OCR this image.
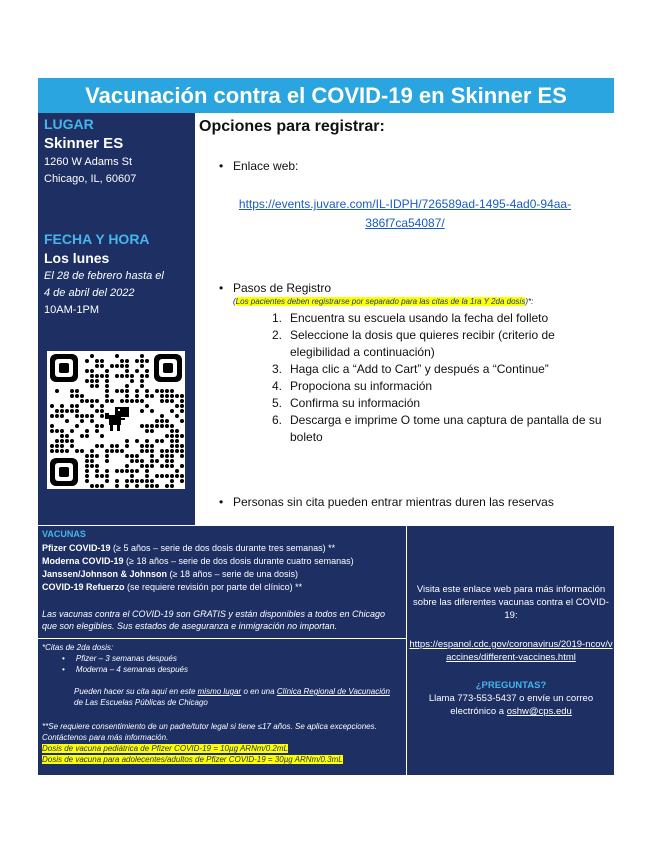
Vacunación contra el COVID-19 en Skinner ES
LUGAR
Skinner ES
1260 W Adams St
Chicago, IL, 60607
FECHA Y HORA
Los lunes
El 28 de febrero hasta el
4 de abril del 2022
10AM-1PM
Opciones para registrar:
• Enlace web:
https://events.juvare.com/IL-IDPH/726589ad-1495-4ad0-94aa-
386f7ca54087/
• Pasos de Registro
(Los pacientes deben registrarse por separado para las citas de la 1ra Y 2da dosis)*:
1. Encuentra su escuela usando la fecha del folleto
2. Seleccione la dosis que quieres recibir (criterio de elegibilidad a continuación)
3. Haga clic a “Add to Cart” y después a “Continue”
4. Propociona su información
5. Confirma su información
6. Descarga e imprime O tome una captura de pantalla de su boleto
• Personas sin cita pueden entrar mientras duren las reservas
VACUNAS
Pfizer COVID-19 (≥ 5 años – serie de dos dosis durante tres semanas) **
Moderna COVID-19 (≥ 18 años – serie de dos dosis durante cuatro semanas)
Janssen/Johnson & Johnson (≥ 18 años – serie de una dosis)
COVID-19 Refuerzo (se requiere revisión por parte del clínico) **
Las vacunas contra el COVID-19 son GRATIS y están disponibles a todos en Chicago que son elegibles. Sus estados de aseguranza e inmigración no importan.
*Citas de 2da dosis:
•     Pfizer – 3 semanas después
•     Moderna – 4 semanas después
Pueden hacer su cita aquí en este mismo lugar o en una Clínica Regional de Vacunación de Las Escuelas Públicas de Chicago
**Se requiere consentimiento de un padre/tutor legal si tiene ≤17 años. Se aplica excepciones. Contáctenos para más información.
Dosis de vacuna pediátrica de Pfizer COVID-19 = 10µg ARNm/0.2mL
Dosis de vacuna para adolecentes/adultos de Pfizer COVID-19 = 30µg ARNm/0.3mL
Visita este enlace web para más información sobre las diferentes vacunas contra el COVID-19:
https://espanol.cdc.gov/coronavirus/2019-ncov/vaccines/different-vaccines.html
¿PREGUNTAS?
Llama 773-553-5437 o envíe un correo electrónico a oshw@cps.edu
